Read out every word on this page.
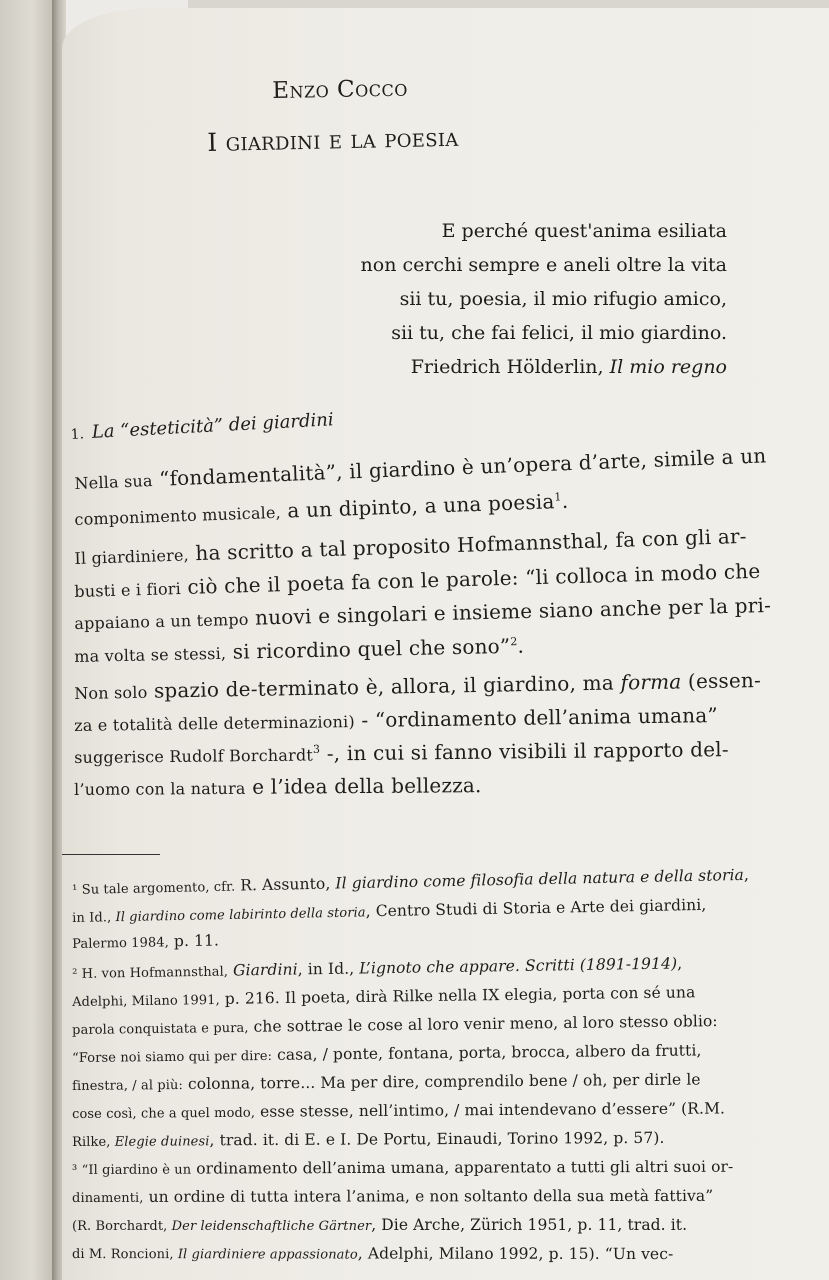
Enzo Cocco
I giardini e la poesia
E perché quest'anima esiliata
non cerchi sempre e aneli oltre la vita
sii tu, poesia, il mio rifugio amico,
sii tu, che fai felici, il mio giardino.
Friedrich Hölderlin, Il mio regno
1. La “esteticità” dei giardini
Nella sua “fondamentalità”, il giardino è un’opera d’arte, simile a un
componimento musicale, a un dipinto, a una poesia$^1$.
Il giardiniere, ha scritto a tal proposito Hofmannsthal, fa con gli ar-
busti e i fiori ciò che il poeta fa con le parole: “li colloca in modo che
appaiano a un tempo nuovi e singolari e insieme siano anche per la pri-
ma volta se stessi, si ricordino quel che sono”$^2$.
Non solo spazio de-terminato è, allora, il giardino, ma forma (essen-
za e totalità delle determinazioni) - “ordinamento dell’anima umana”
suggerisce Rudolf Borchardt$^3$ -, in cui si fanno visibili il rapporto del-
l’uomo con la natura e l’idea della bellezza.
¹ Su tale argomento, cfr. R. Assunto, Il giardino come filosofia della natura e della storia,
in Id., Il giardino come labirinto della storia, Centro Studi di Storia e Arte dei giardini,
Palermo 1984, p. 11.
² H. von Hofmannsthal, Giardini, in Id., L’ignoto che appare. Scritti (1891-1914),
Adelphi, Milano 1991, p. 216. Il poeta, dirà Rilke nella IX elegia, porta con sé una
parola conquistata e pura, che sottrae le cose al loro venir meno, al loro stesso oblio:
“Forse noi siamo qui per dire: casa, / ponte, fontana, porta, brocca, albero da frutti,
finestra, / al più: colonna, torre... Ma per dire, comprendilo bene / oh, per dirle le
cose così, che a quel modo, esse stesse, nell’intimo, / mai intendevano d’essere” (R.M.
Rilke, Elegie duinesi, trad. it. di E. e I. De Portu, Einaudi, Torino 1992, p. 57).
³ “Il giardino è un ordinamento dell’anima umana, apparentato a tutti gli altri suoi or-
dinamenti, un ordine di tutta intera l’anima, e non soltanto della sua metà fattiva”
(R. Borchardt, Der leidenschaftliche Gärtner, Die Arche, Zürich 1951, p. 11, trad. it.
di M. Roncioni, Il giardiniere appassionato, Adelphi, Milano 1992, p. 15). “Un vec-
